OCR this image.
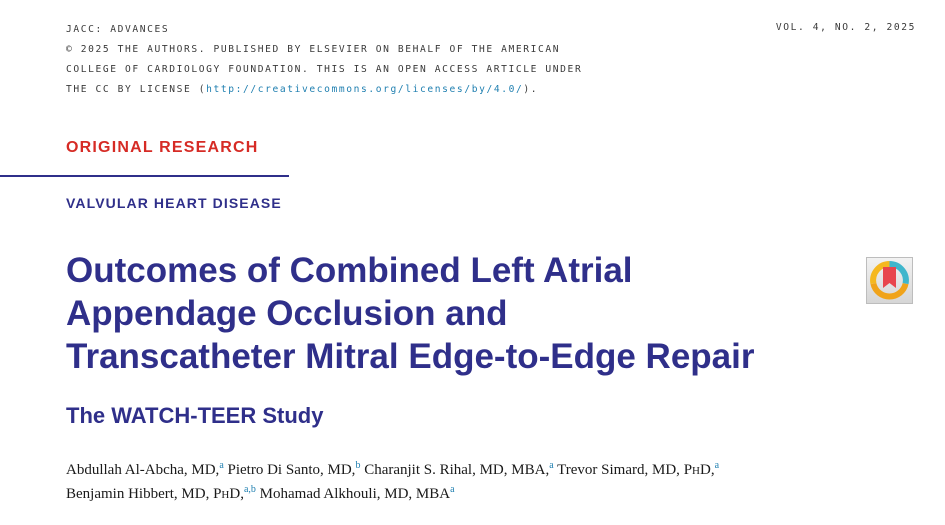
JACC: ADVANCES
© 2025 THE AUTHORS. PUBLISHED BY ELSEVIER ON BEHALF OF THE AMERICAN
COLLEGE OF CARDIOLOGY FOUNDATION. THIS IS AN OPEN ACCESS ARTICLE UNDER
THE CC BY LICENSE (http://creativecommons.org/licenses/by/4.0/).
VOL. 4, NO. 2, 2025
ORIGINAL RESEARCH
VALVULAR HEART DISEASE
Outcomes of Combined Left Atrial
Appendage Occlusion and
Transcatheter Mitral Edge-to-Edge Repair
The WATCH-TEER Study
Abdullah Al-Abcha, MD,$^a$ Pietro Di Santo, MD,$^b$ Charanjit S. Rihal, MD, MBA,$^a$ Trevor Simard, MD, PhD,$^a$
Benjamin Hibbert, MD, PhD,$^{a,b}$ Mohamad Alkhouli, MD, MBA$^a$
